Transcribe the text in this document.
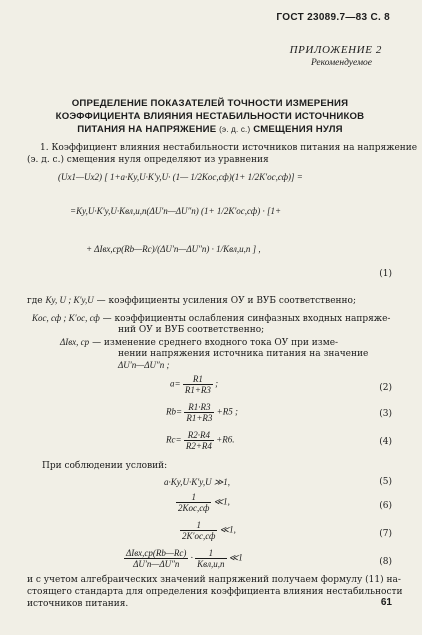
ГОСТ 23089.7—83 С. 8
ПРИЛОЖЕНИЕ 2
Рекомендуемое
ОПРЕДЕЛЕНИЕ ПОКАЗАТЕЛЕЙ ТОЧНОСТИ ИЗМЕРЕНИЯ
КОЭФФИЦИЕНТА ВЛИЯНИЯ НЕСТАБИЛЬНОСТИ ИСТОЧНИКОВ
ПИТАНИЯ НА НАПРЯЖЕНИЕ (э. д. с.) СМЕЩЕНИЯ НУЛЯ
1. Коэффициент влияния нестабильности источников питания на напряжение
(э. д. с.) смещения нуля определяют из уравнения
(Uх1—Uх2) [ 1+a·Kу,U·K′у,U· (1— 1/2Kос,сф)(1+ 1/2K′ос,сф)] =
=Kу,U·K′у,U·Kвл,и,п(ΔU′п—ΔU″п) (1+ 1/2K′ос,сф) · [1+
+ ΔIвх,ср(Rb—Rc)/(ΔU′п—ΔU″п) · 1/Kвл,и,п ] ,
(1)
где Kу, U ; K′у,U — коэффициенты усиления ОУ и ВУБ соответственно;
Kос, сф ; K′ос, сф — коэффициенты ослабления синфазных входных напряже-
ний ОУ и ВУБ соответственно;
ΔIвх, ср — изменение среднего входного тока ОУ при изме-
нении напряжения источника питания на значение
ΔU′п—ΔU″п ;
$a= \frac{R1}{R1+R3}$ ;	(2)
$Rb= \frac{R1\cdot R3}{R1+R3} +R5$ ;	(3)
$Rc= \frac{R2\cdot R4}{R2+R4} +R6$.	(4)
При соблюдении условий:
a·Kу,U·K′у,U ≫1,	(5)
$\frac{1}{\text{2Kос,сф}}$ ≪1,	(6)
$\frac{1}{2K'ос,сф}$ ≪1,	(7)
$\frac{\text{ΔIвх,ср(Rb—Rc)}}{\Delta U'п—\Delta U''п} \cdot \frac{1}{\text{Kвл,и,п}}$ ≪1	(8)
и с учетом алгебраических значений напряжений получаем формулу (11) на-
стоящего стандарта для определения коэффициента влияния нестабильности
источников питания.	61
